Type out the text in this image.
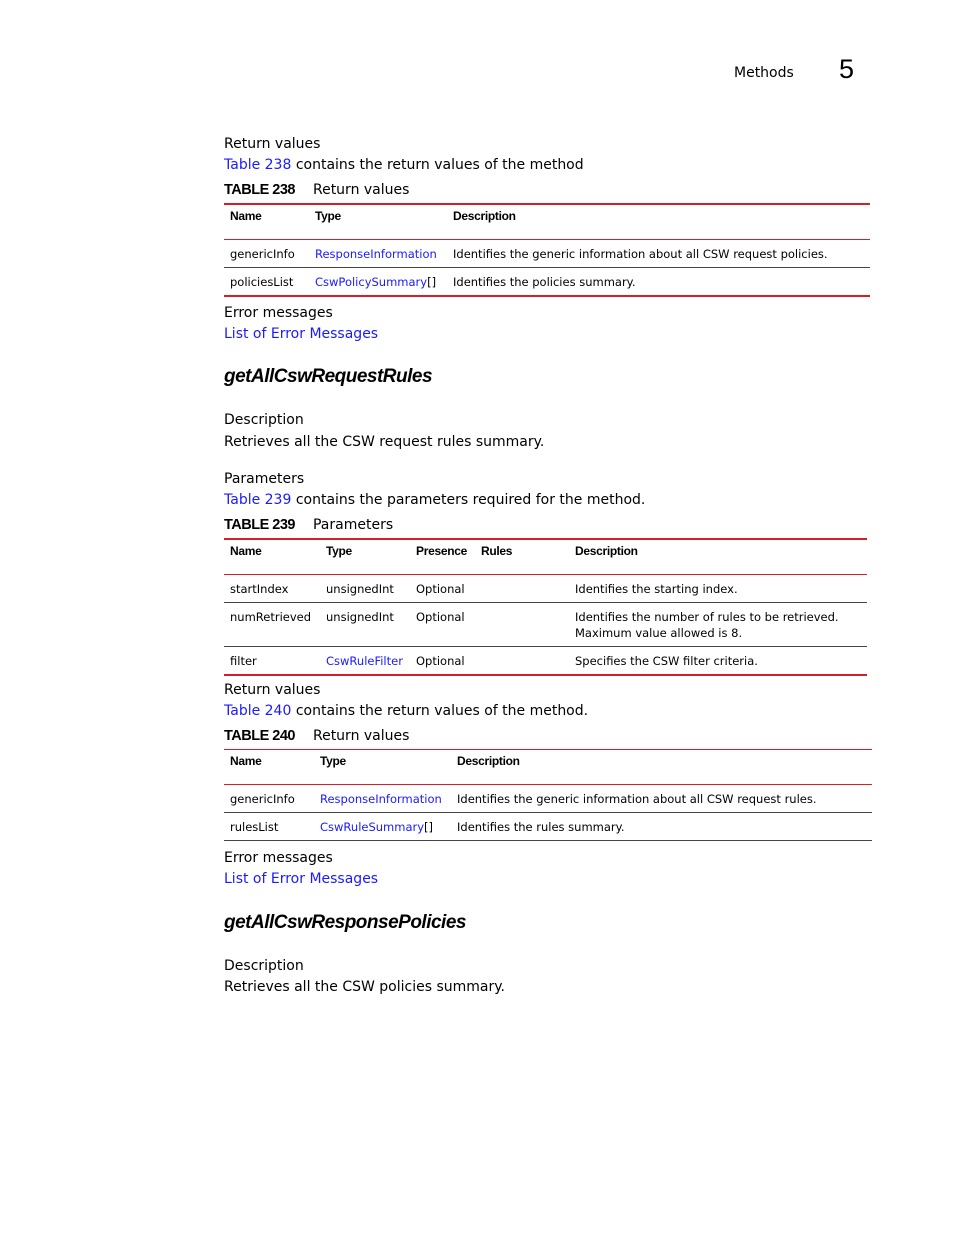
Methods 5
Return values
Table 238 contains the return values of the method
TABLE 238 Return values
Name	Type	Description
genericInfo	ResponseInformation	Identifies the generic information about all CSW request policies.
policiesList	CswPolicySummary[]	Identifies the policies summary.
Error messages
List of Error Messages
getAllCswRequestRules
Description
Retrieves all the CSW request rules summary.
Parameters
Table 239 contains the parameters required for the method.
TABLE 239 Parameters
Name	Type	Presence	Rules	Description
startIndex	unsignedInt	Optional		Identifies the starting index.
numRetrieved	unsignedInt	Optional		Identifies the number of rules to be retrieved.
Maximum value allowed is 8.

filter	CswRuleFilter	Optional		Specifies the CSW filter criteria.
Return values
Table 240 contains the return values of the method.
TABLE 240 Return values
Name	Type	Description
genericInfo	ResponseInformation	Identifies the generic information about all CSW request rules.
rulesList	CswRuleSummary[]	Identifies the rules summary.
Error messages
List of Error Messages
getAllCswResponsePolicies
Description
Retrieves all the CSW policies summary.
